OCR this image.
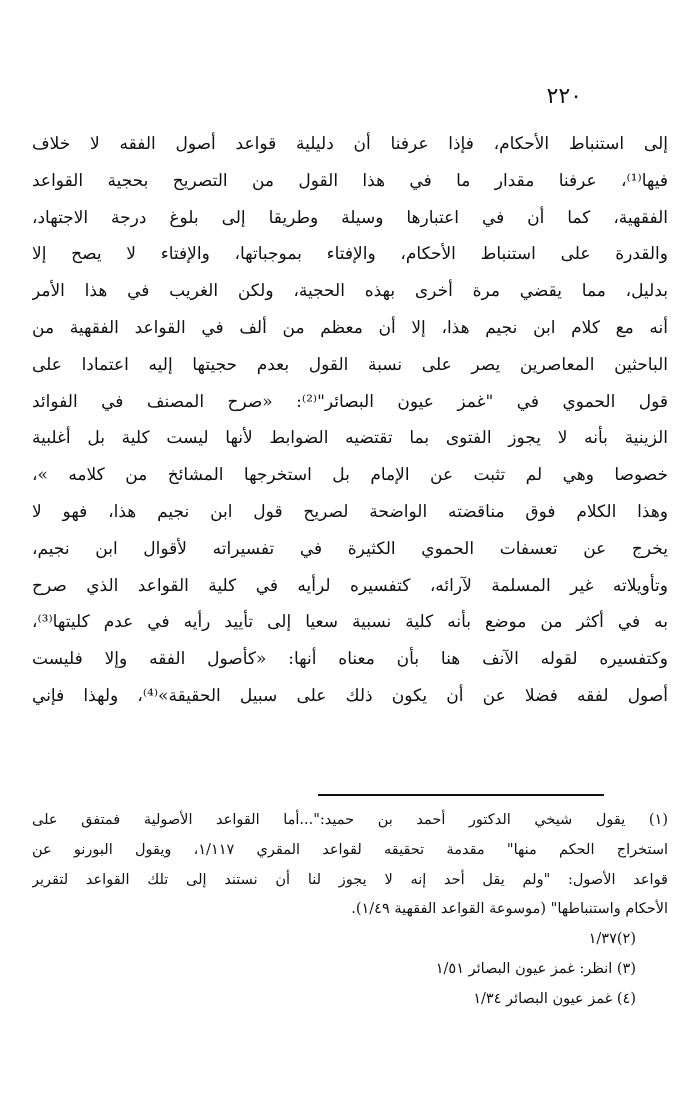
٢٢٠
إلى استنباط الأحكام، فإذا عرفنا أن دليلية قواعد أصول الفقه لا خلاف
فيها⁽¹⁾، عرفنا مقدار ما في هذا القول من التصريح بحجية القواعد
الفقهية، كما أن في اعتبارها وسيلة وطريقا إلى بلوغ درجة الاجتهاد،
والقدرة على استنباط الأحكام، والإفتاء بموجباتها، والإفتاء لا يصح إلا
بدليل، مما يقضي مرة أخرى بهذه الحجية، ولكن الغريب في هذا الأمر
أنه مع كلام ابن نجيم هذا، إلا أن معظم من ألف في القواعد الفقهية من
الباحثين المعاصرين يصر على نسبة القول بعدم حجيتها إليه اعتمادا على
قول الحموي في "غمز عيون البصائر"⁽²⁾: «صرح المصنف في الفوائد
الزينية بأنه لا يجوز الفتوى بما تقتضيه الضوابط لأنها ليست كلية بل أغلبية
خصوصا وهي لم تثبت عن الإمام بل استخرجها المشائخ من كلامه »،
وهذا الكلام فوق مناقضته الواضحة لصريح قول ابن نجيم هذا، فهو لا
يخرج عن تعسفات الحموي الكثيرة في تفسيراته لأقوال ابن نجيم،
وتأويلاته غير المسلمة لآرائه، كتفسيره لرأيه في كلية القواعد الذي صرح
به في أكثر من موضع بأنه كلية نسبية سعيا إلى تأييد رأيه في عدم كليتها⁽³⁾،
وكتفسيره لقوله الآنف هنا بأن معناه أنها: «كأصول الفقه وإلا فليست
أصول لفقه فضلا عن أن يكون ذلك على سبيل الحقيقة»⁽⁴⁾، ولهذا فإني
(١) يقول شيخي الدكتور أحمد بن حميد:"...أما القواعد الأصولية فمتفق على
استخراج الحكم منها" مقدمة تحقيقه لقواعد المقري ١/١١٧، ويقول البورنو عن
قواعد الأصول: "ولم يقل أحد إنه لا يجوز لنا أن نستند إلى تلك القواعد لتقرير
الأحكام واستنباطها" (موسوعة القواعد الفقهية ١/٤٩).
(٢)١/٣٧
(٣) انظر: غمز عيون البصائر ١/٥١
(٤) غمز عيون البصائر ١/٣٤
